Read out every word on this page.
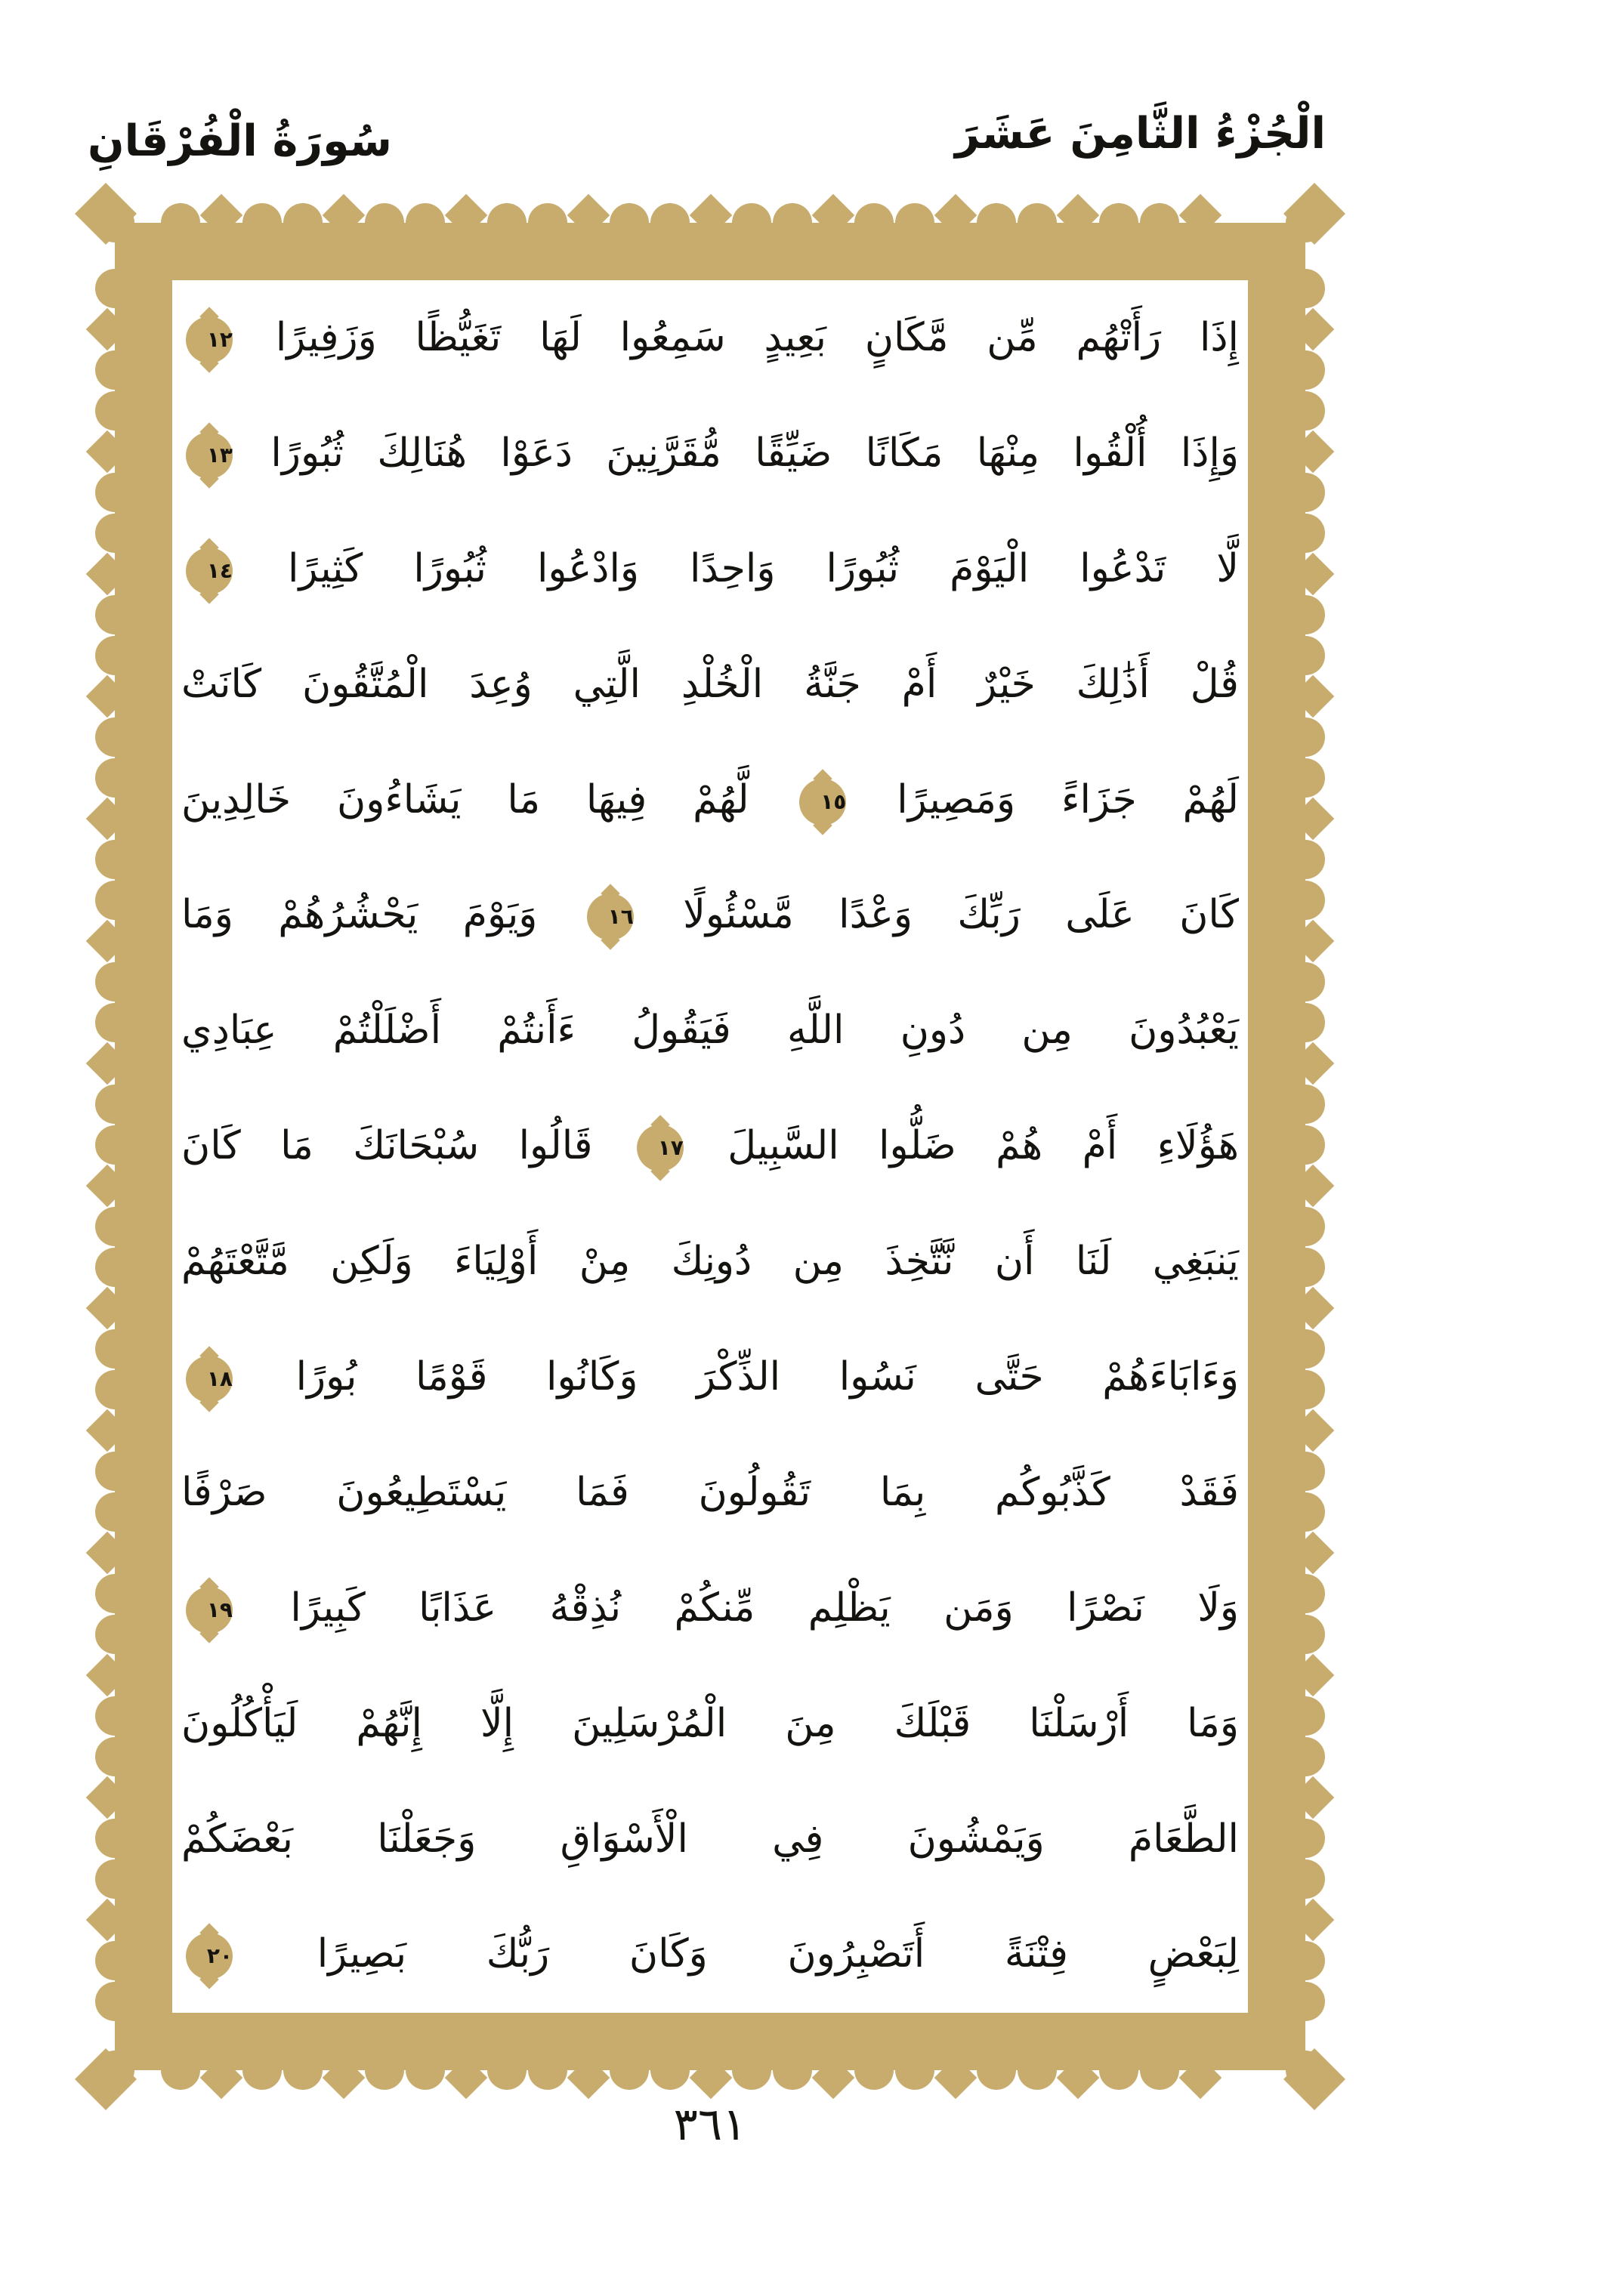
الْجُزْءُ الثَّامِنَ عَشَرَ
سُورَةُ الْفُرْقَانِ
إِذَا رَأَتْهُم مِّن مَّكَانٍ بَعِيدٍ سَمِعُوا لَهَا تَغَيُّظًا وَزَفِيرًا
١٢
وَإِذَا أُلْقُوا مِنْهَا مَكَانًا ضَيِّقًا مُّقَرَّنِينَ دَعَوْا هُنَالِكَ ثُبُورًا
١٣
لَّا تَدْعُوا الْيَوْمَ ثُبُورًا وَاحِدًا وَادْعُوا ثُبُورًا كَثِيرًا
١٤
قُلْ أَذَٰلِكَ خَيْرٌ أَمْ جَنَّةُ الْخُلْدِ الَّتِي وُعِدَ الْمُتَّقُونَ كَانَتْ
لَهُمْ جَزَاءً وَمَصِيرًا
١٥
لَّهُمْ فِيهَا مَا يَشَاءُونَ خَالِدِينَ
كَانَ عَلَى رَبِّكَ وَعْدًا مَّسْئُولًا
١٦
وَيَوْمَ يَحْشُرُهُمْ وَمَا
يَعْبُدُونَ مِن دُونِ اللَّهِ فَيَقُولُ ءَأَنتُمْ أَضْلَلْتُمْ عِبَادِي
هَؤُلَاءِ أَمْ هُمْ ضَلُّوا السَّبِيلَ
١٧
قَالُوا سُبْحَانَكَ مَا كَانَ
يَنبَغِي لَنَا أَن نَّتَّخِذَ مِن دُونِكَ مِنْ أَوْلِيَاءَ وَلَكِن مَّتَّعْتَهُمْ
وَءَابَاءَهُمْ حَتَّى نَسُوا الذِّكْرَ وَكَانُوا قَوْمًا بُورًا
١٨
فَقَدْ كَذَّبُوكُم بِمَا تَقُولُونَ فَمَا يَسْتَطِيعُونَ صَرْفًا
وَلَا نَصْرًا وَمَن يَظْلِم مِّنكُمْ نُذِقْهُ عَذَابًا كَبِيرًا
١٩
وَمَا أَرْسَلْنَا قَبْلَكَ مِنَ الْمُرْسَلِينَ إِلَّا إِنَّهُمْ لَيَأْكُلُونَ
الطَّعَامَ وَيَمْشُونَ فِي الْأَسْوَاقِ وَجَعَلْنَا بَعْضَكُمْ
لِبَعْضٍ فِتْنَةً أَتَصْبِرُونَ وَكَانَ رَبُّكَ بَصِيرًا
٢٠
٣٦١
